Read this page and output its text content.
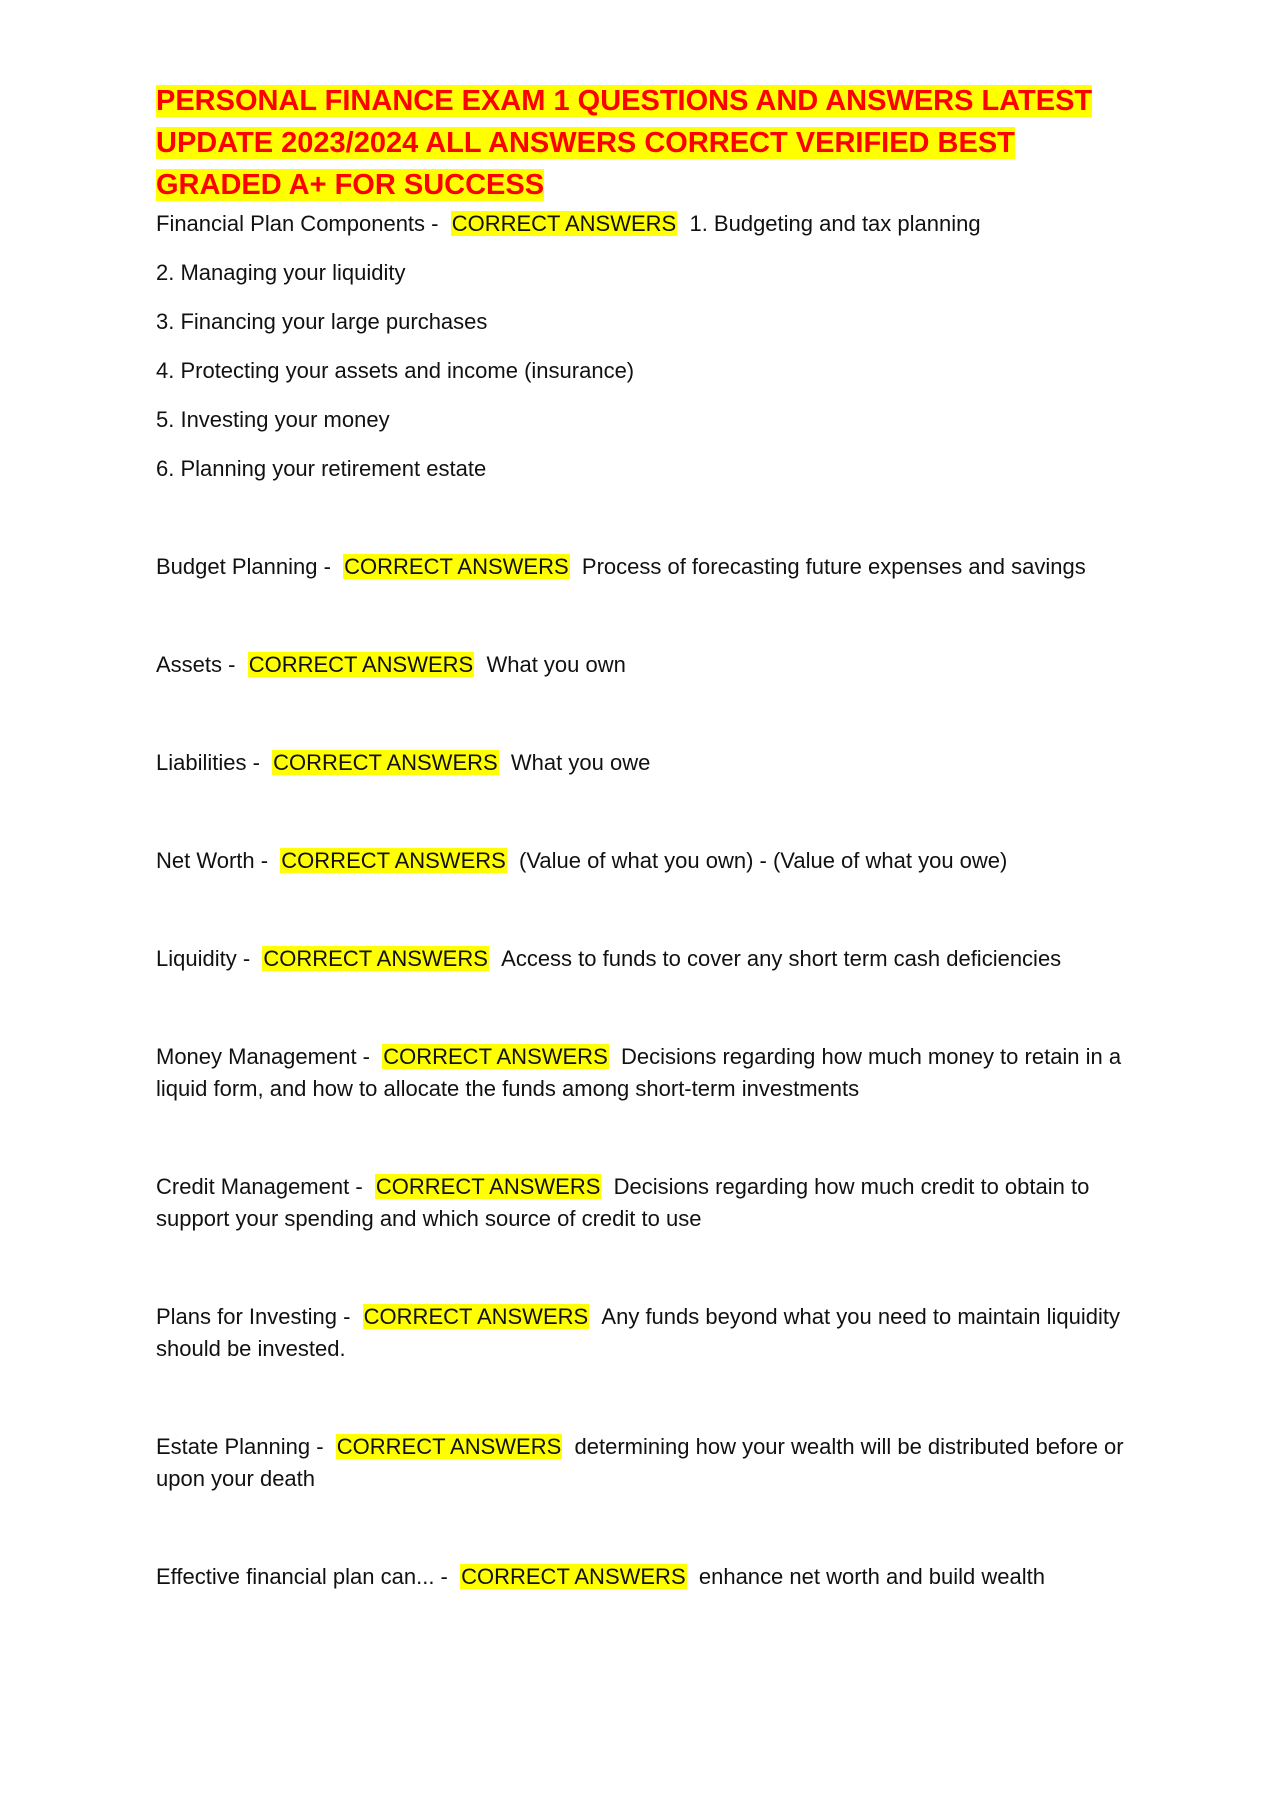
PERSONAL FINANCE EXAM 1 QUESTIONS AND ANSWERS LATEST UPDATE 2023/2024 ALL ANSWERS CORRECT VERIFIED BEST GRADED A+ FOR SUCCESS

Financial Plan Components - CORRECT ANSWERS 1. Budgeting and tax planning

2. Managing your liquidity

3. Financing your large purchases

4. Protecting your assets and income (insurance)

5. Investing your money

6. Planning your retirement estate

Budget Planning - CORRECT ANSWERS Process of forecasting future expenses and savings

Assets - CORRECT ANSWERS What you own

Liabilities - CORRECT ANSWERS What you owe

Net Worth - CORRECT ANSWERS (Value of what you own) - (Value of what you owe)

Liquidity - CORRECT ANSWERS Access to funds to cover any short term cash deficiencies

Money Management - CORRECT ANSWERS Decisions regarding how much money to retain in a liquid form, and how to allocate the funds among short-term investments

Credit Management - CORRECT ANSWERS Decisions regarding how much credit to obtain to support your spending and which source of credit to use

Plans for Investing - CORRECT ANSWERS Any funds beyond what you need to maintain liquidity should be invested.

Estate Planning - CORRECT ANSWERS determining how your wealth will be distributed before or upon your death

Effective financial plan can... - CORRECT ANSWERS enhance net worth and build wealth
